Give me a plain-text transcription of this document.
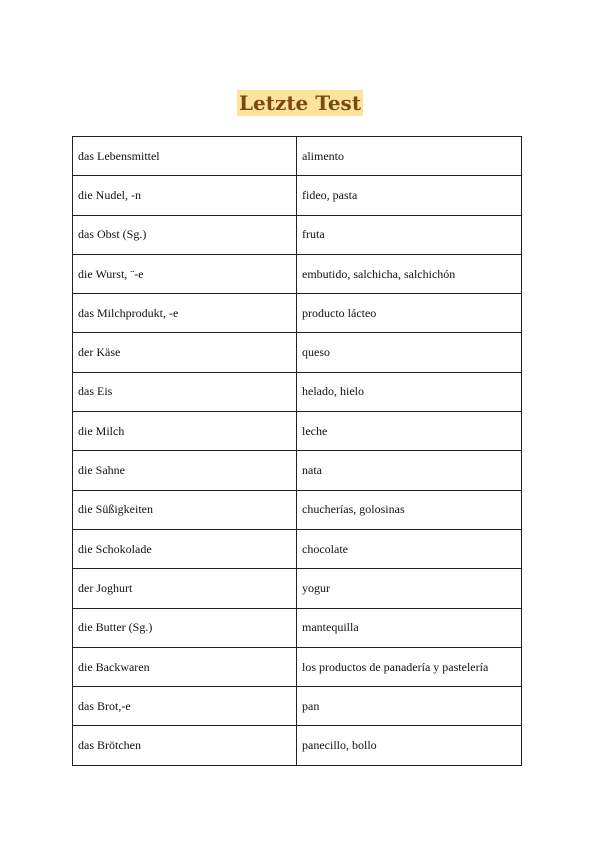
Letzte Test
das Lebensmittel	alimento
die Nudel, -n	fideo, pasta
das Obst (Sg.)	fruta
die Wurst, ¨-e	embutido, salchicha, salchichón
das Milchprodukt, -e	producto lácteo
der Käse	queso
das Eis	helado, hielo
die Milch	leche
die Sahne	nata
die Süßigkeiten	chucherías, golosinas
die Schokolade	chocolate
der Joghurt	yogur
die Butter (Sg.)	mantequilla
die Backwaren	los productos de panadería y pastelería
das Brot,-e	pan
das Brötchen	panecillo, bollo
